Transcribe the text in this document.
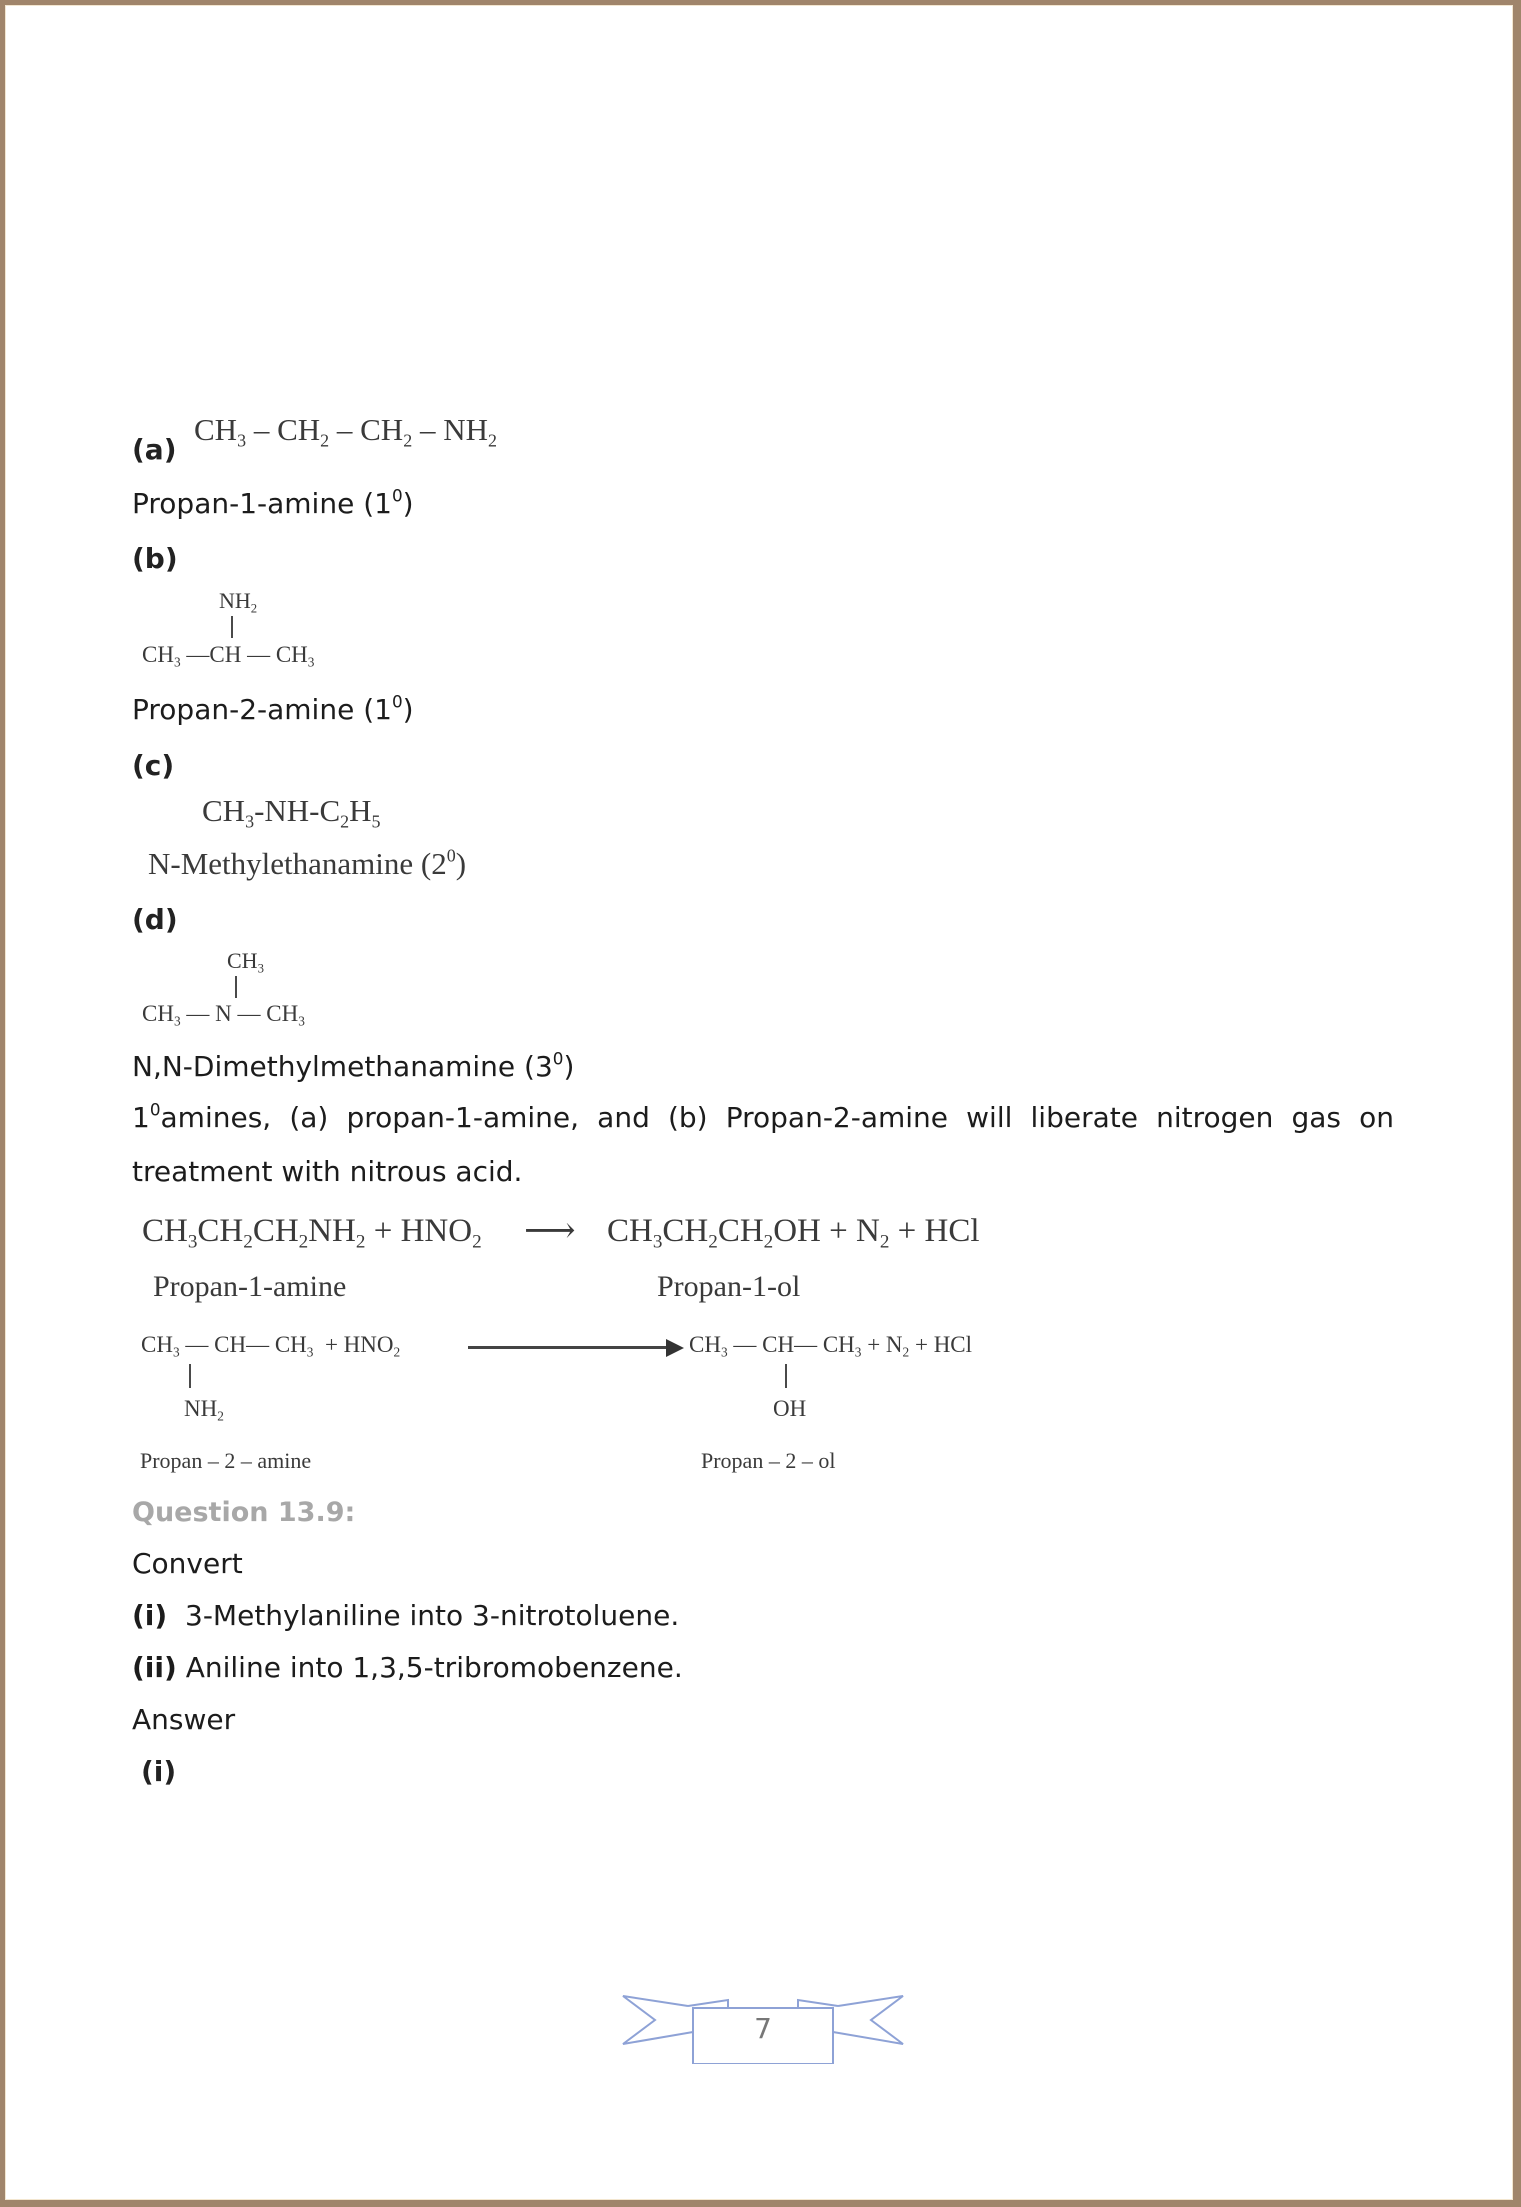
(a)
$CH_3 - CH_2 - CH_2 - NH_2$
Propan-1-amine $(1^0)$
(b)
$NH_2$
$CH_3$ —CH — $CH_3$
Propan-2-amine $(1^0)$
(c)
$CH_3-NH-C_2H_5$
N-Methylethanamine $(2^0)$
(d)
$CH_3$
$CH_3$ — N — $CH_3$
N,N-Dimethylmethanamine $(3^0)$
$1^0amines$, (a) propan-1-amine, and (b) Propan-2-amine will liberate nitrogen gas on treatment with nitrous acid.
$CH_3CH_2CH_2NH_2 + HNO_2$ ⟶ $CH_3CH_2CH_2OH + N_2$ + HCl
Propan-1-amine	Propan-1-ol
$CH_3$ — CH— $CH_3 + HNO_2$
$NH_2$
$CH_3$ — CH— $CH_3 + N_2$ + HCl
OH
Propan – 2 – amine	Propan – 2 – ol
Question 13.9:
Convert
(i) 3-Methylaniline into 3-nitrotoluene.
(ii) Aniline into 1,3,5-tribromobenzene.
Answer
(i)
7
